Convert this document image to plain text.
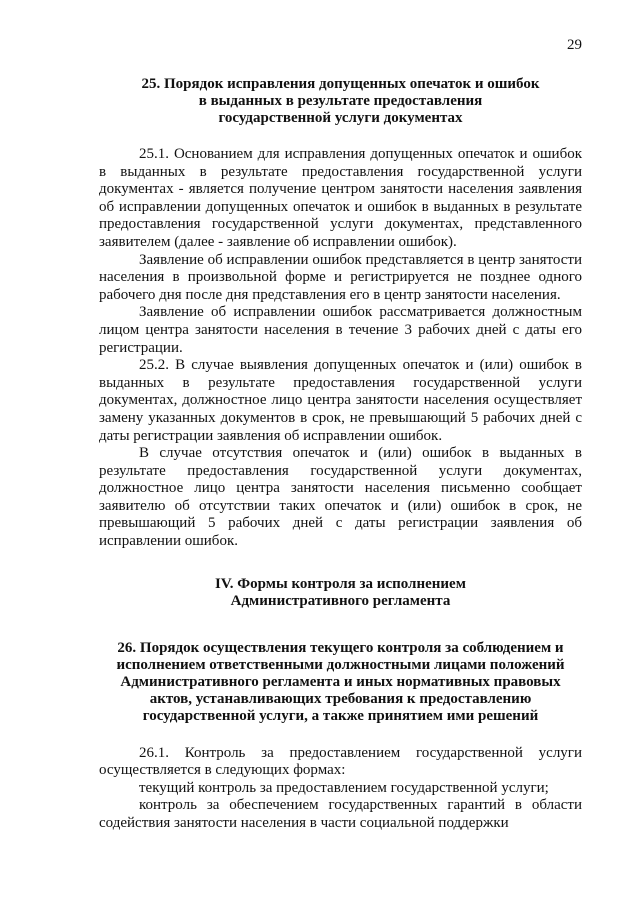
29
25. Порядок исправления допущенных опечаток и ошибок
в выданных в результате предоставления
государственной услуги документах

25.1. Основанием для исправления допущенных опечаток и ошибок в выданных в результате предоставления государственной услуги документах - является получение центром занятости населения заявления об исправлении допущенных опечаток и ошибок в выданных в результате предоставления государственной услуги документах, представленного заявителем (далее - заявление об исправлении ошибок).

Заявление об исправлении ошибок представляется в центр занятости населения в произвольной форме и регистрируется не позднее одного рабочего дня после дня представления его в центр занятости населения.

Заявление об исправлении ошибок рассматривается должностным лицом центра занятости населения в течение 3 рабочих дней с даты его регистрации.

25.2. В случае выявления допущенных опечаток и (или) ошибок в выданных в результате предоставления государственной услуги документах, должностное лицо центра занятости населения осуществляет замену указанных документов в срок, не превышающий 5 рабочих дней с даты регистрации заявления об исправлении ошибок.

В случае отсутствия опечаток и (или) ошибок в выданных в результате предоставления государственной услуги документах, должностное лицо центра занятости населения письменно сообщает заявителю об отсутствии таких опечаток и (или) ошибок в срок, не превышающий 5 рабочих дней с даты регистрации заявления об исправлении ошибок.

IV. Формы контроля за исполнением
Административного регламента
26. Порядок осуществления текущего контроля за соблюдением и
исполнением ответственными должностными лицами положений
Административного регламента и иных нормативных правовых
актов, устанавливающих требования к предоставлению
государственной услуги, а также принятием ими решений

26.1. Контроль за предоставлением государственной услуги осуществляется в следующих формах:

текущий контроль за предоставлением государственной услуги;

контроль за обеспечением государственных гарантий в области содействия занятости населения в части социальной поддержки
